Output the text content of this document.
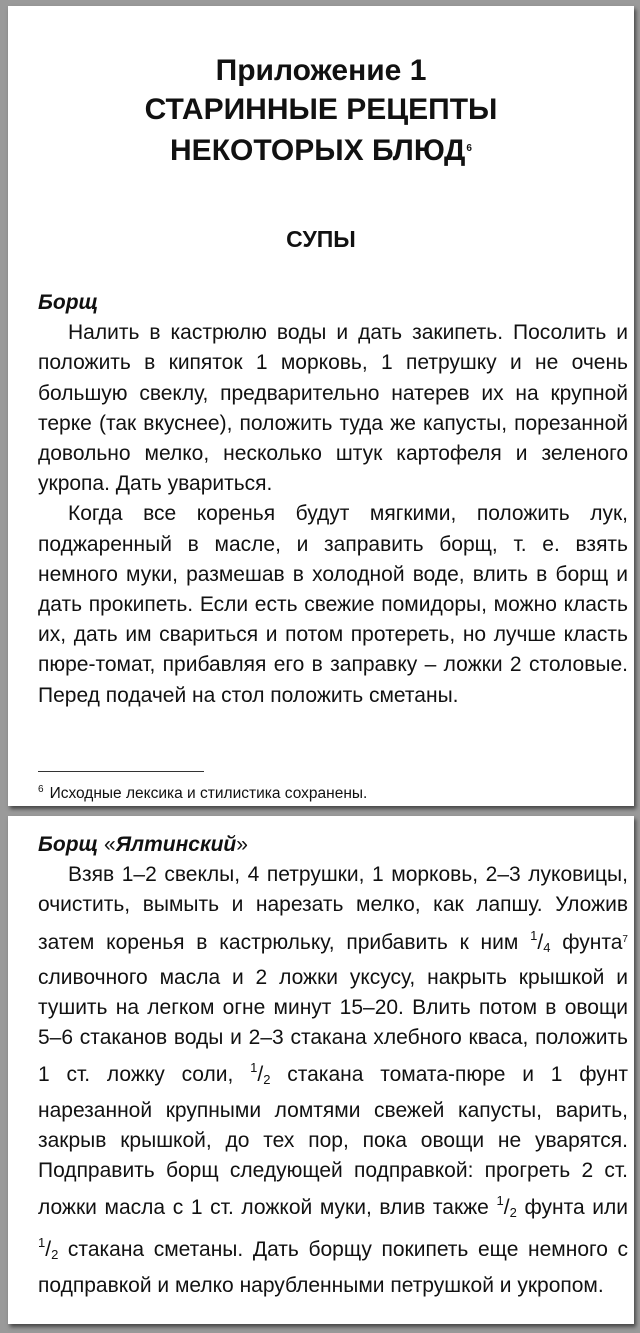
Приложение 1
СТАРИННЫЕ РЕЦЕПТЫ
НЕКОТОРЫХ БЛЮД$^6$
СУПЫ

Борщ

Налить в кастрюлю воды и дать закипеть. Посолить и положить в кипяток 1 морковь, 1 петрушку и не очень большую свеклу, предварительно натерев их на крупной терке (так вкуснее), положить туда же капусты, порезанной довольно мелко, несколько штук картофеля и зеленого укропа. Дать увариться.

Когда все коренья будут мягкими, положить лук, поджаренный в масле, и заправить борщ, т. е. взять немного муки, размешав в холодной воде, влить в борщ и дать прокипеть. Если есть свежие помидоры, можно класть их, дать им свариться и потом протереть, но лучше класть пюре-томат, прибавляя его в заправку – ложки 2 столовые. Перед подачей на стол положить сметаны.

$^6$ Исходные лексика и стилистика сохранены.

Борщ «Ялтинский»

Взяв 1–2 свеклы, 4 петрушки, 1 морковь, 2–3 луковицы, очистить, вымыть и нарезать мелко, как лапшу. Уложив затем коренья в кастрюльку, прибавить к ним $^1/_4$ фунта$^7$ сливочного масла и 2 ложки уксусу, накрыть крышкой и тушить на легком огне минут 15–20. Влить потом в овощи 5–6 стаканов воды и 2–3 стакана хлебного кваса, положить 1 ст. ложку соли, $^1/_2$ стакана томата-пюре и 1 фунт нарезанной крупными ломтями свежей капусты, варить, закрыв крышкой, до тех пор, пока овощи не уварятся. Подправить борщ следующей подправкой: прогреть 2 ст. ложки масла с 1 ст. ложкой муки, влив также $^1/_2$ фунта или $^1/_2$ стакана сметаны. Дать борщу покипеть еще немного с подправкой и мелко нарубленными петрушкой и укропом.
